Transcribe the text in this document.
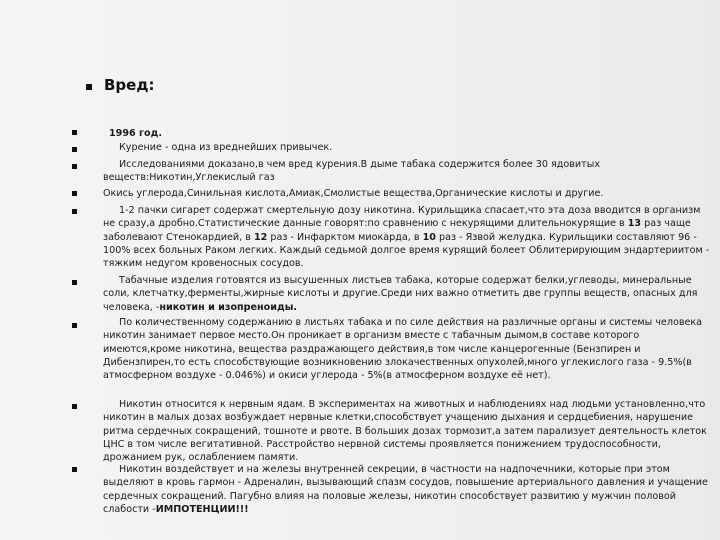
Вред:
1996 год.
Курение - одна из вреднейших привычек.
Исследованиями доказано,в чем вред курения.В дыме табака содержится более 30 ядовитых веществ:Никотин,Углекислый газ
Окись углерода,Синильная кислота,Амиак,Смолистые вещества,Органические кислоты и другие.
1-2 пачки сигарет содержат смертельную дозу никотина. Курильщика спасает,что эта доза вводится в организм не сразу,а дробно.Статистические данные говорят:по сравнению с некурящими длительнокурящие в 13 раз чаще заболевают Стенокардией, в 12 раз - Инфарктом миокарда, в 10 раз - Язвой желудка. Курильщики составляют 96 - 100% всех больных Раком легких. Каждый седьмой долгое время курящий болеет Облитерирующим эндартериитом - тяжким недугом кровеносных сосудов.
Табачные изделия готовятся из высушенных листьев табака, которые содержат белки,углеводы, минеральные соли, клетчатку,ферменты,жирные кислоты и другие.Среди них важно отметить две группы веществ, опасных для человека, -никотин и изопреноиды.
По количественному содержанию в листьях табака и по силе действия на различные органы и системы человека никотин занимает первое место.Он проникает в организм вместе с табачным дымом,в составе которого имеются,кроме никотина, вещества раздражающего действия,в том числе канцерогенные (Бензпирен и Дибензпирен,то есть способствующие возникновению злокачественных опухолей,много углекислого газа - 9.5%(в атмосферном воздухе - 0.046%) и окиси углерода - 5%(в атмосферном воздухе её нет).
Никотин относится к нервным ядам. В экспериментах на животных и наблюдениях над людьми установленно,что никотин в малых дозах возбуждает нервные клетки,способствует учащению дыхания и сердцебиения, нарушение ритма сердечных сокращений, тошноте и рвоте. В больших дозах тормозит,а затем парализует деятельность клеток ЦНС в том числе вегитативной. Расстройство нервной системы проявляется понижением трудоспособности, дрожанием рук, ослаблением памяти.
Никотин воздействует и на железы внутренней секреции, в частности на надпочечники, которые при этом выделяют в кровь гармон - Адреналин, вызывающий спазм сосудов, повышение артериального давления и учащение сердечных сокращений. Пагубно влияя на половые железы, никотин способствует развитию у мужчин половой слабости -ИМПОТЕНЦИИ!!!
